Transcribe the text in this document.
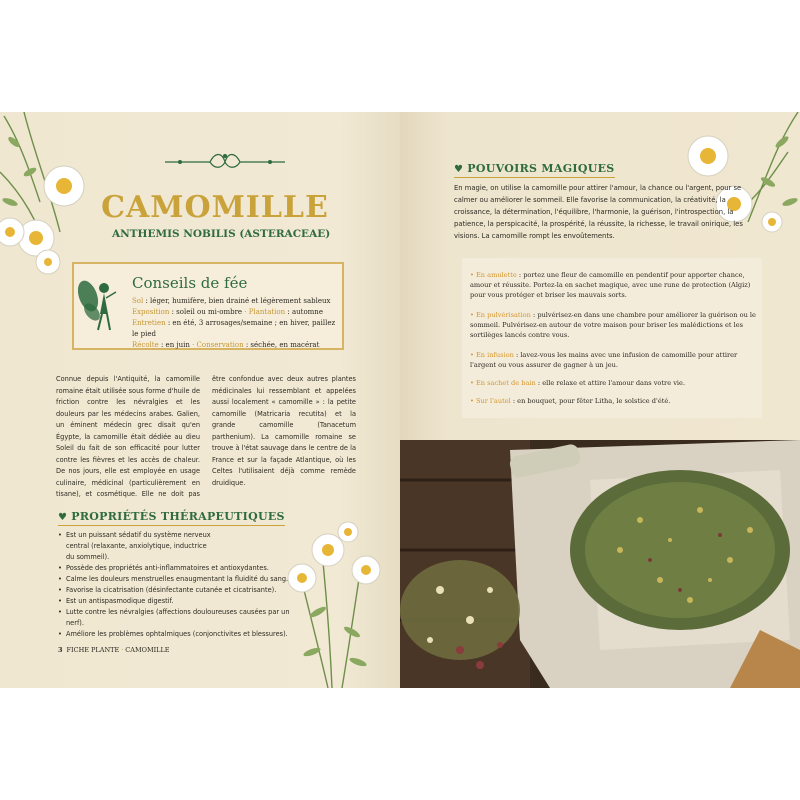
CAMOMILLE
ANTHEMIS NOBILIS (ASTERACEAE)
Conseils de fée
Sol : léger, humifère, bien drainé et légèrement sableux
Exposition : soleil ou mi-ombre · Plantation : automne
Entretien : en été, 3 arrosages/semaine ; en hiver, paillez le pied
Récolte : en juin · Conservation : séchée, en macérat
Connue depuis l'Antiquité, la camomille romaine était utilisée sous forme d'huile de friction contre les névralgies et les douleurs par les médecins arabes. Galien, un éminent médecin grec disait qu'en Égypte, la camomille était dédiée au dieu Soleil du fait de son efficacité pour lutter contre les fièvres et les accès de chaleur. De nos jours, elle est employée en usage culinaire, médicinal (particulièrement en tisane), et cosmétique. Elle ne doit pas être confondue avec deux autres plantes médicinales lui ressemblant et appelées aussi localement « camomille » : la petite camomille (Matricaria recutita) et la grande camomille (Tanacetum parthenium). La camomille romaine se trouve à l'état sauvage dans le centre de la France et sur la façade Atlantique, où les Celtes l'utilisaient déjà comme remède druidique.
♥ PROPRIÉTÉS THÉRAPEUTIQUES
• Est un puissant sédatif du système nerveux central (relaxante, anxiolytique, inductrice du sommeil).
• Possède des propriétés anti-inflammatoires et antioxydantes.
• Calme les douleurs menstruelles enaugmentant la fluidité du sang.
• Favorise la cicatrisation (désinfectante cutanée et cicatrisante).
• Est un antispasmodique digestif.
• Lutte contre les névralgies (affections douloureuses causées par un nerf).
• Améliore les problèmes ophtalmiques (conjonctivites et blessures).
3 FICHE PLANTE · CAMOMILLE
♥ POUVOIRS MAGIQUES
En magie, on utilise la camomille pour attirer l'amour, la chance ou l'argent, pour se calmer ou améliorer le sommeil. Elle favorise la communication, la créativité, la croissance, la détermination, l'équilibre, l'harmonie, la guérison, l'introspection, la patience, la perspicacité, la prospérité, la réussite, la richesse, le travail onirique, les visions. La camomille rompt les envoûtements.
• En amulette : portez une fleur de camomille en pendentif pour apporter chance, amour et réussite. Portez-la en sachet magique, avec une rune de protection (Algiz) pour vous protéger et briser les mauvais sorts.
• En pulvérisation : pulvérisez-en dans une chambre pour améliorer la guérison ou le sommeil. Pulvérisez-en autour de votre maison pour briser les malédictions et les sortilèges lancés contre vous.
• En infusion : lavez-vous les mains avec une infusion de camomille pour attirer l'argent ou vous assurer de gagner à un jeu.
• En sachet de bain : elle relaxe et attire l'amour dans votre vie.
• Sur l'autel : en bouquet, pour fêter Litha, le solstice d'été.
